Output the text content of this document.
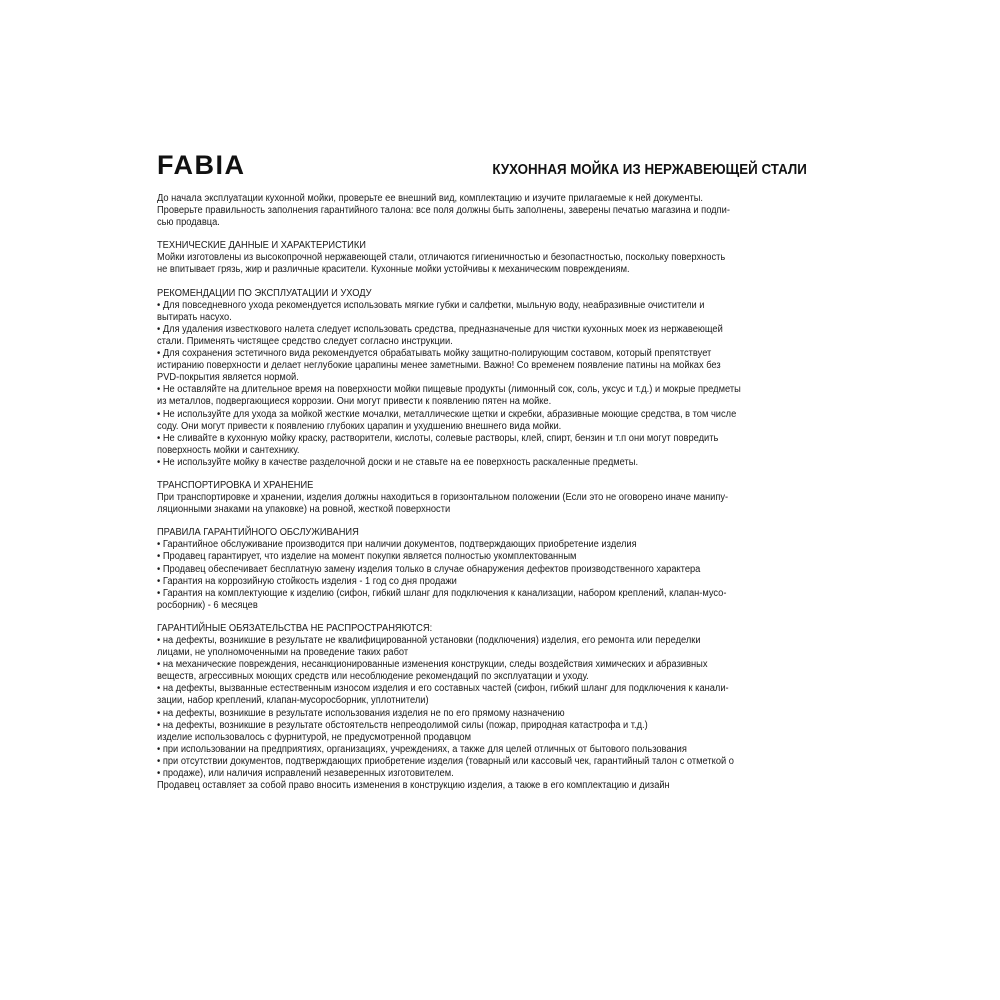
FABIA	КУХОННАЯ МОЙКА ИЗ НЕРЖАВЕЮЩЕЙ СТАЛИ

До начала эксплуатации кухонной мойки, проверьте ее внешний вид, комплектацию и изучите прилагаемые к ней документы.
Проверьте правильность заполнения гарантийного талона: все поля должны быть заполнены, заверены печатью магазина и подпи-
сью продавца.

ТЕХНИЧЕСКИЕ ДАННЫЕ И ХАРАКТЕРИСТИКИ

Мойки изготовлены из высокопрочной нержавеющей стали, отличаются гигиеничностью и безопастностью, поскольку поверхность
не впитывает грязь, жир и различные красители. Кухонные мойки устойчивы к механическим повреждениям.

РЕКОМЕНДАЦИИ ПО ЭКСПЛУАТАЦИИ И УХОДУ

• Для повседневного ухода рекомендуется использовать мягкие губки и салфетки, мыльную воду, неабразивные очистители и
вытирать насухо.
• Для удаления известкового налета следует использовать средства, предназначеные для чистки кухонных моек из нержавеющей
стали. Применять чистящее средство следует согласно инструкции.
• Для сохранения эстетичного вида рекомендуется обрабатывать мойку защитно-полирующим составом, который препятствует
истиранию поверхности и делает неглубокие царапины менее заметными. Важно! Со временем появление патины на мойках без
PVD-покрытия является нормой.
• Не оставляйте на длительное время на поверхности мойки пищевые продукты (лимонный сок, соль, уксус и т.д.) и мокрые предметы
из металлов, подвергающиеся коррозии. Они могут привести к появлению пятен на мойке.
• Не используйте для ухода за мойкой жесткие мочалки, металлические щетки и скребки, абразивные моющие средства, в том числе
соду. Они могут привести к появлению глубоких царапин и ухудшению внешнего вида мойки.
• Не сливайте в кухонную мойку краску, растворители, кислоты, солевые растворы, клей, спирт, бензин и т.п они могут повредить
поверхность мойки и сантехнику.
• Не используйте мойку в качестве разделочной доски и не ставьте на ее поверхность раскаленные предметы.

ТРАНСПОРТИРОВКА И ХРАНЕНИЕ

При транспортировке и хранении, изделия должны находиться в горизонтальном положении (Если это не оговорено иначе манипу-
ляционными знаками на упаковке) на ровной, жесткой поверхности

ПРАВИЛА ГАРАНТИЙНОГО ОБСЛУЖИВАНИЯ

• Гарантийное обслуживание производится при наличии документов, подтверждающих приобретение изделия
• Продавец гарантирует, что изделие на момент покупки является полностью укомплектованным
• Продавец обеспечивает бесплатную замену изделия только в случае обнаружения дефектов производственного характера
• Гарантия на коррозийную стойкость изделия - 1 год со дня продажи
• Гарантия на комплектующие к изделию (сифон, гибкий шланг для подключения к канализации, набором креплений, клапан-мусо-
росборник) - 6 месяцев

ГАРАНТИЙНЫЕ ОБЯЗАТЕЛЬСТВА НЕ РАСПРОСТРАНЯЮТСЯ:

• на дефекты, возникшие в результате не квалифицированной установки (подключения) изделия, его ремонта или переделки
лицами, не уполномоченными на проведение таких работ
• на механические повреждения, несанкционированные изменения конструкции, следы воздействия химических и абразивных
веществ, агрессивных моющих средств или несоблюдение рекомендаций по эксплуатации и уходу.
• на дефекты, вызванные естественным износом изделия и его составных частей (сифон, гибкий шланг для подключения к канали-
зации, набор креплений, клапан-мусоросборник, уплотнители)
• на дефекты, возникшие в результате использования изделия не по его прямому назначению
• на дефекты, возникшие в результате обстоятельств непреодолимой силы (пожар, природная катастрофа и т.д.)
изделие использовалось с фурнитурой, не предусмотренной продавцом
• при использовании на предприятиях, организациях, учреждениях, а также для целей отличных от бытового пользования
• при отсутствии документов, подтверждающих приобретение изделия (товарный или кассовый чек, гарантийный талон с отметкой о
• продаже), или наличия исправлений незаверенных изготовителем.
Продавец оставляет за собой право вносить изменения в конструкцию изделия, а также в его комплектацию и дизайн
